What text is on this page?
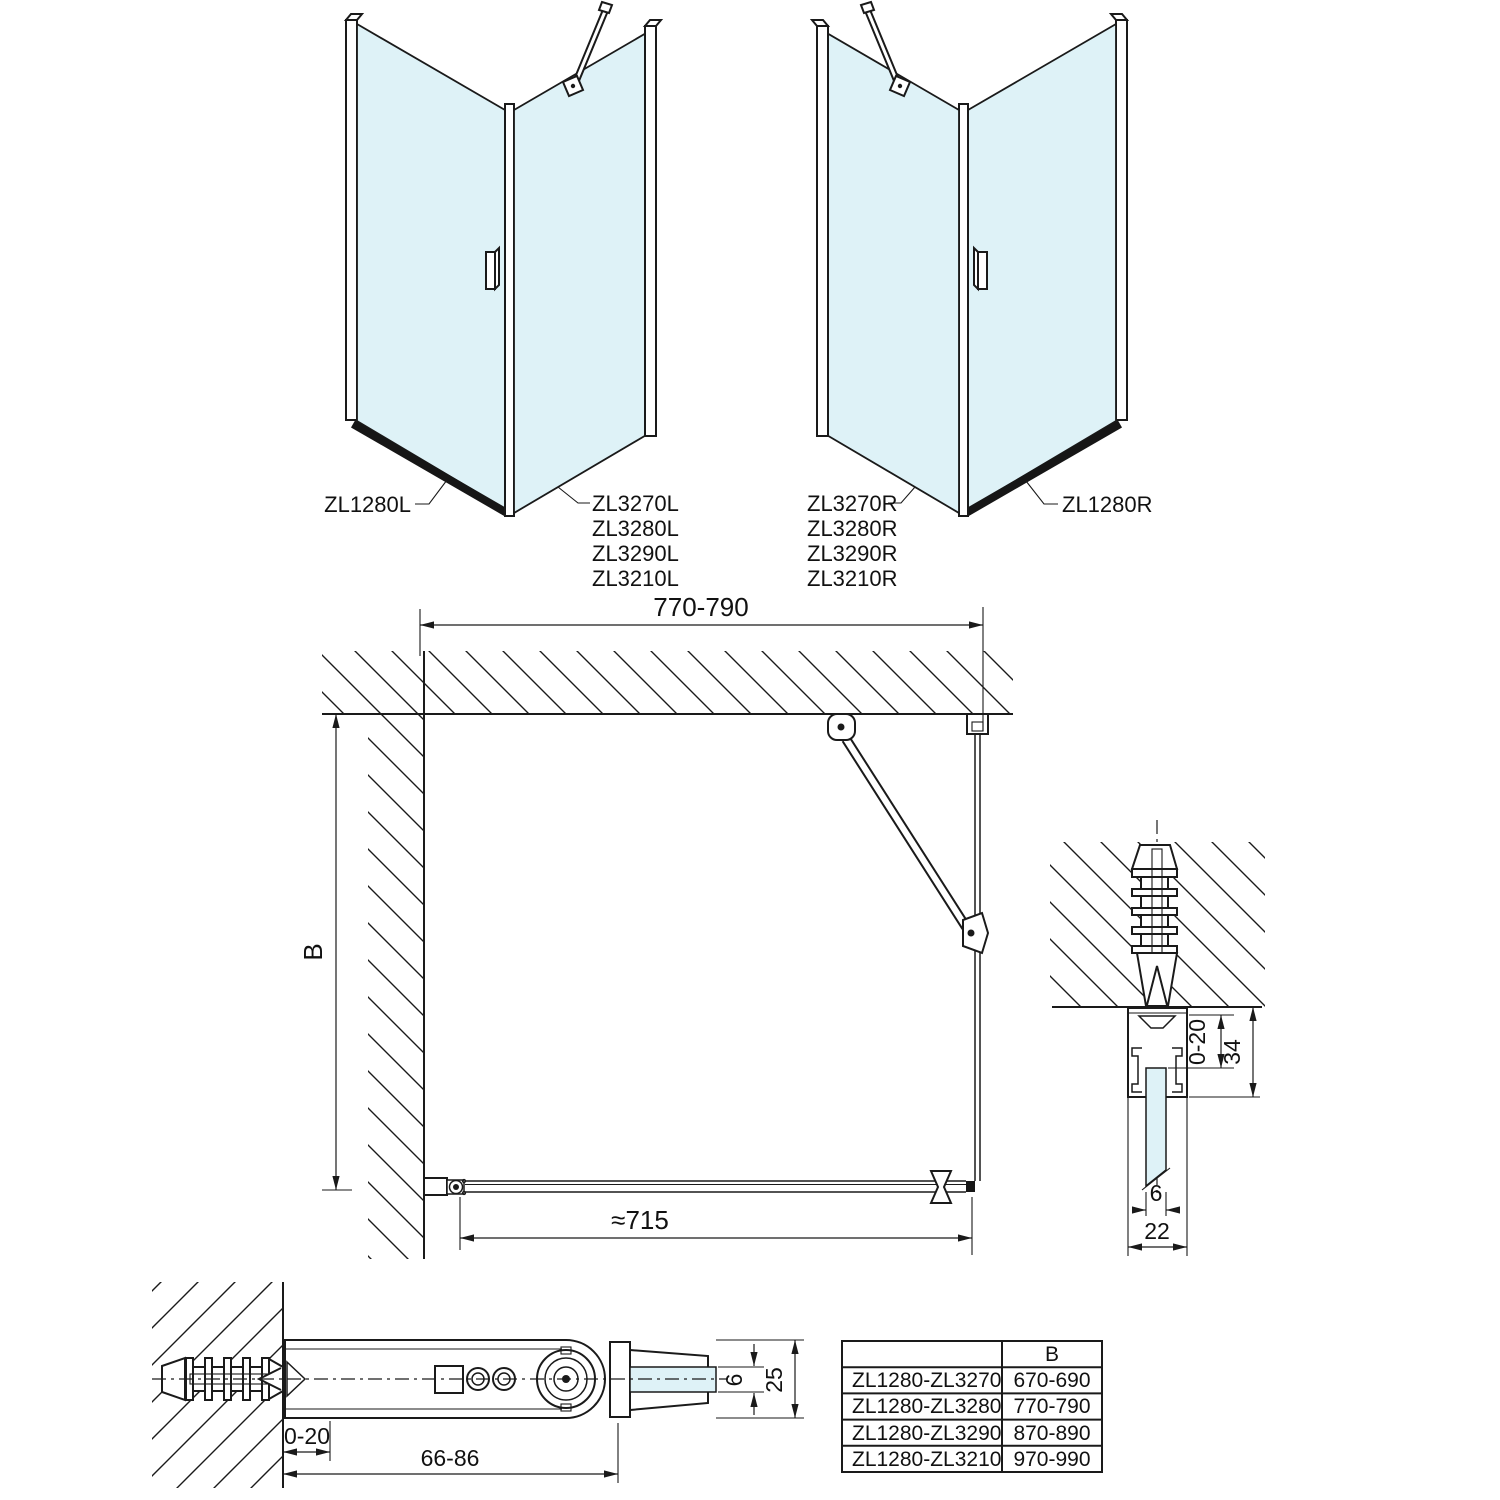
ZL1280L	ZL3270L
ZL3280L
ZL3290L
ZL3210L
ZL3270R
ZL3280R
ZL3290R
ZL3210R
ZL1280R
770-790
B
≈715
0-20 34
6
22
0-20
66-86
6 25
B
ZL1280-ZL3270 670-690
ZL1280-ZL3280 770-790
ZL1280-ZL3290 870-890
ZL1280-ZL3210 970-990
